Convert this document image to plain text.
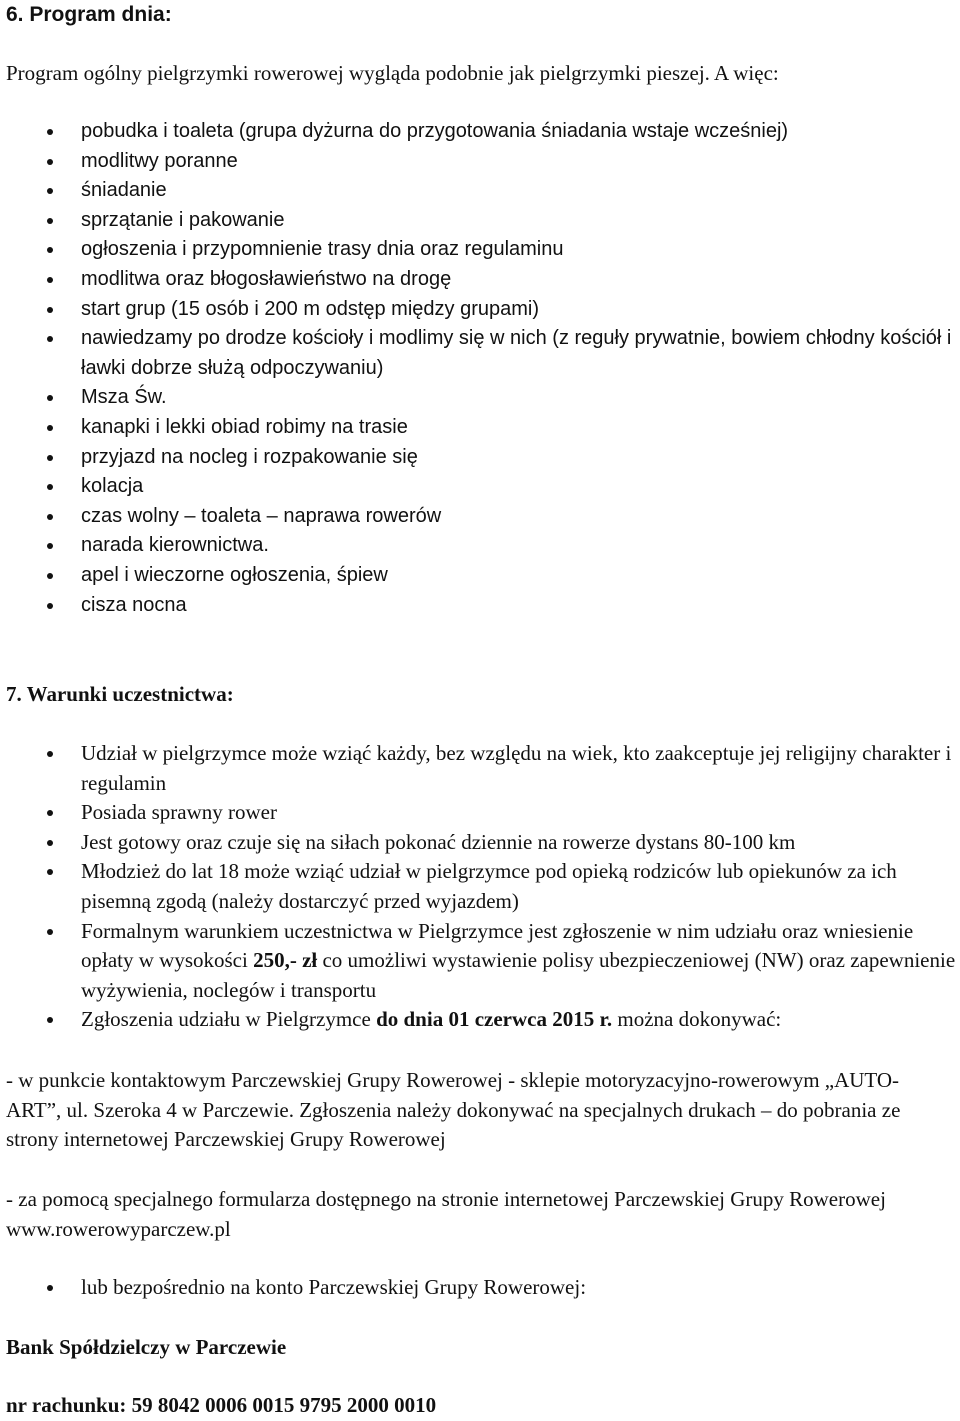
6. Program dnia:

Program ogólny pielgrzymki rowerowej wygląda podobnie jak pielgrzymki pieszej. A więc:

pobudka i toaleta (grupa dyżurna do przygotowania śniadania wstaje wcześniej)
modlitwy poranne
śniadanie
sprzątanie i pakowanie
ogłoszenia i przypomnienie trasy dnia oraz regulaminu
modlitwa oraz błogosławieństwo na drogę
start grup (15 osób i 200 m odstęp między grupami)
nawiedzamy po drodze kościoły i modlimy się w nich (z reguły prywatnie, bowiem chłodny kościół i ławki dobrze służą odpoczywaniu)
Msza Św.
kanapki i lekki obiad robimy na trasie
przyjazd na nocleg i rozpakowanie się
kolacja
czas wolny – toaleta – naprawa rowerów
narada kierownictwa.
apel i wieczorne ogłoszenia, śpiew
cisza nocna
7. Warunki uczestnictwa:
Udział w pielgrzymce może wziąć każdy, bez względu na wiek, kto zaakceptuje jej religijny charakter i regulamin
Posiada sprawny rower
Jest gotowy oraz czuje się na siłach pokonać dziennie na rowerze dystans 80-100 km
Młodzież do lat 18 może wziąć udział w pielgrzymce pod opieką rodziców lub opiekunów za ich pisemną zgodą (należy dostarczyć przed wyjazdem)
Formalnym warunkiem uczestnictwa w Pielgrzymce jest zgłoszenie w nim udziału oraz wniesienie opłaty w wysokości 250,- zł co umożliwi wystawienie polisy ubezpieczeniowej (NW) oraz zapewnienie wyżywienia, noclegów i transportu
Zgłoszenia udziału w Pielgrzymce do dnia 01 czerwca 2015 r. można dokonywać:

- w punkcie kontaktowym Parczewskiej Grupy Rowerowej - sklepie motoryzacyjno-rowerowym „AUTO-ART”, ul. Szeroka 4 w Parczewie. Zgłoszenia należy dokonywać na specjalnych drukach – do pobrania ze strony internetowej Parczewskiej Grupy Rowerowej

- za pomocą specjalnego formularza dostępnego na stronie internetowej Parczewskiej Grupy Rowerowej www.rowerowyparczew.pl

lub bezpośrednio na konto Parczewskiej Grupy Rowerowej:

Bank Spółdzielczy w Parczewie

nr rachunku: 59 8042 0006 0015 9795 2000 0010
